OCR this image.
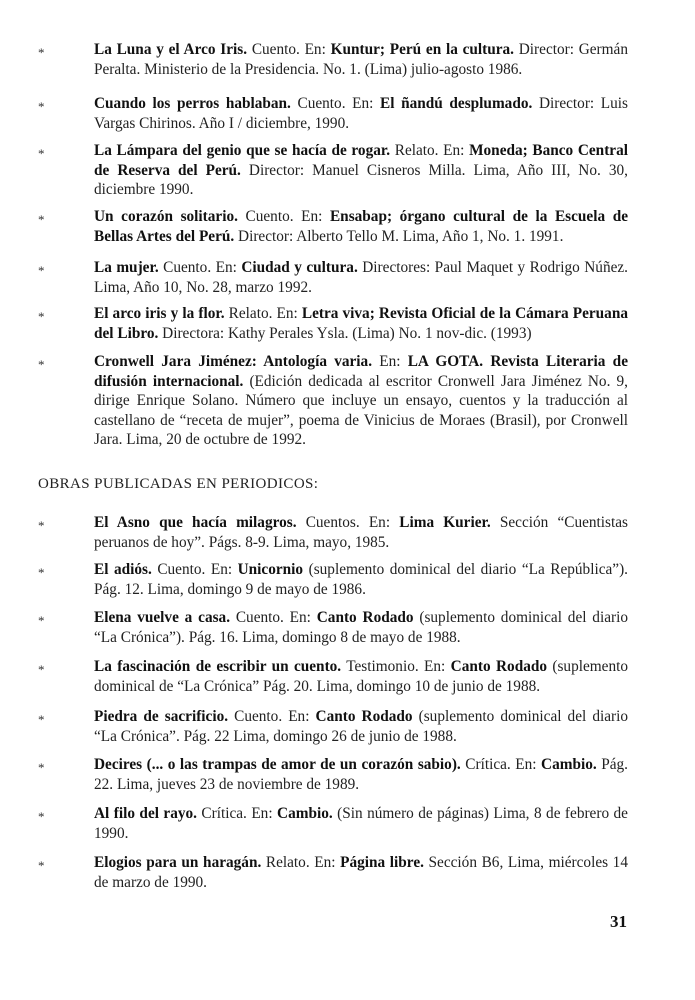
*	La Luna y el Arco Iris. Cuento. En: Kuntur; Perú en la cultura. Director: Germán Peralta. Ministerio de la Presidencia. No. 1. (Lima) julio-agosto 1986.
*	Cuando los perros hablaban. Cuento. En: El ñandú desplumado. Director: Luis Vargas Chirinos. Año I / diciembre, 1990.
*	La Lámpara del genio que se hacía de rogar. Relato. En: Moneda; Banco Central de Reserva del Perú. Director: Manuel Cisneros Milla. Lima, Año III, No. 30, diciembre 1990.
*	Un corazón solitario. Cuento. En: Ensabap; órgano cultural de la Escuela de Bellas Artes del Perú. Director: Alberto Tello M. Lima, Año 1, No. 1. 1991.
*	La mujer. Cuento. En: Ciudad y cultura. Directores: Paul Maquet y Rodrigo Núñez. Lima, Año 10, No. 28, marzo 1992.
*	El arco iris y la flor. Relato. En: Letra viva; Revista Oficial de la Cámara Peruana del Libro. Directora: Kathy Perales Ysla. (Lima) No. 1 nov-dic. (1993)
*	Cronwell Jara Jiménez: Antología varia. En: LA GOTA. Revista Literaria de difusión internacional. (Edición dedicada al escritor Cronwell Jara Jiménez No. 9, dirige Enrique Solano. Número que incluye un ensayo, cuentos y la traducción al castellano de “receta de mujer”, poema de Vinicius de Moraes (Brasil), por Cronwell Jara. Lima, 20 de octubre de 1992.
OBRAS PUBLICADAS EN PERIODICOS:
*	El Asno que hacía milagros. Cuentos. En: Lima Kurier. Sección “Cuentistas peruanos de hoy”. Págs. 8-9. Lima, mayo, 1985.
*	El adiós. Cuento. En: Unicornio (suplemento dominical del diario “La República”). Pág. 12. Lima, domingo 9 de mayo de 1986.
*	Elena vuelve a casa. Cuento. En: Canto Rodado (suplemento dominical del diario “La Crónica”). Pág. 16. Lima, domingo 8 de mayo de 1988.
*	La fascinación de escribir un cuento. Testimonio. En: Canto Rodado (suplemento dominical de “La Crónica” Pág. 20. Lima, domingo 10 de junio de 1988.
*	Piedra de sacrificio. Cuento. En: Canto Rodado (suplemento dominical del diario “La Crónica”. Pág. 22 Lima, domingo 26 de junio de 1988.
*	Decires (... o las trampas de amor de un corazón sabio). Crítica. En: Cambio. Pág. 22. Lima, jueves 23 de noviembre de 1989.
*	Al filo del rayo. Crítica. En: Cambio. (Sin número de páginas) Lima, 8 de febrero de 1990.
*	Elogios para un haragán. Relato. En: Página libre. Sección B6, Lima, miércoles 14 de marzo de 1990.
31
